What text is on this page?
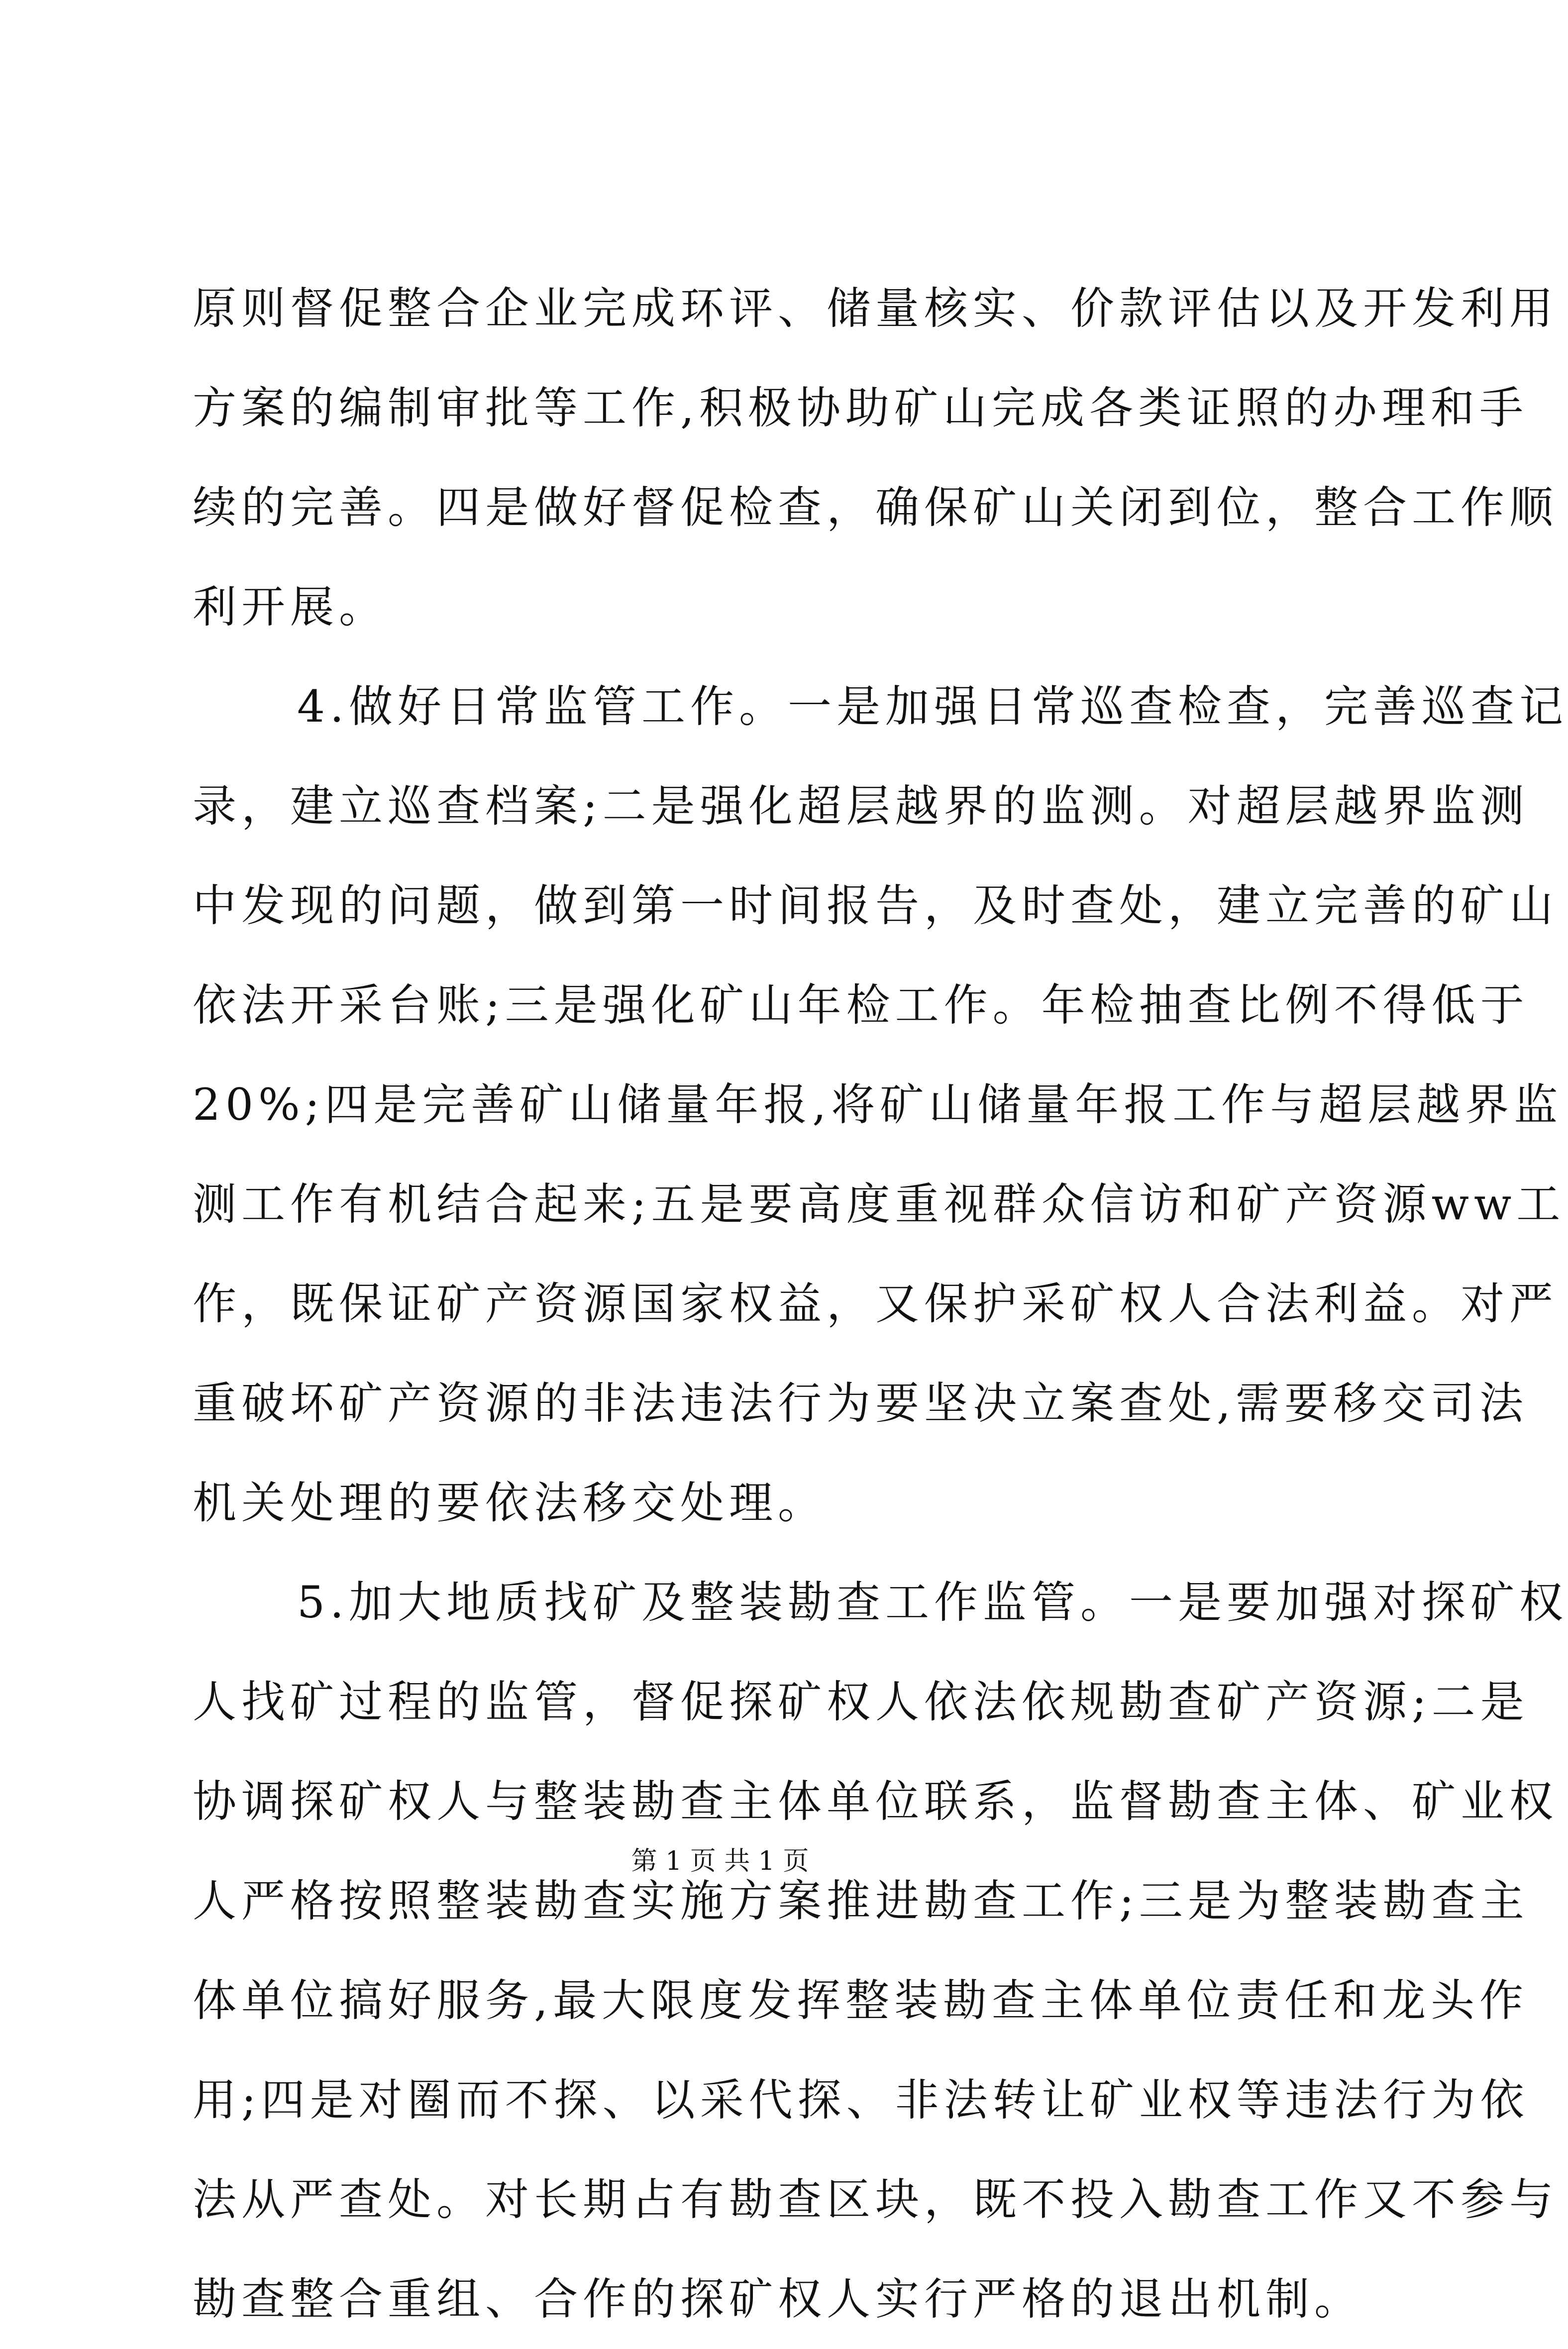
原则督促整合企业完成环评、储量核实、价款评估以及开发利用
方案的编制审批等工作,积极协助矿山完成各类证照的办理和手
续的完善。四是做好督促检查，确保矿山关闭到位，整合工作顺
利开展。
4.做好日常监管工作。一是加强日常巡查检查，完善巡查记
录，建立巡查档案;二是强化超层越界的监测。对超层越界监测
中发现的问题，做到第一时间报告，及时查处，建立完善的矿山
依法开采台账;三是强化矿山年检工作。年检抽查比例不得低于
20%;四是完善矿山储量年报,将矿山储量年报工作与超层越界监
测工作有机结合起来;五是要高度重视群众信访和矿产资源ww工
作，既保证矿产资源国家权益，又保护采矿权人合法利益。对严
重破坏矿产资源的非法违法行为要坚决立案查处,需要移交司法
机关处理的要依法移交处理。
5.加大地质找矿及整装勘查工作监管。一是要加强对探矿权
人找矿过程的监管，督促探矿权人依法依规勘查矿产资源;二是
协调探矿权人与整装勘查主体单位联系，监督勘查主体、矿业权
人严格按照整装勘查实施方案推进勘查工作;三是为整装勘查主
体单位搞好服务,最大限度发挥整装勘查主体单位责任和龙头作
用;四是对圈而不探、以采代探、非法转让矿业权等违法行为依
法从严查处。对长期占有勘查区块，既不投入勘查工作又不参与
勘查整合重组、合作的探矿权人实行严格的退出机制。
第 1 页 共 1 页
